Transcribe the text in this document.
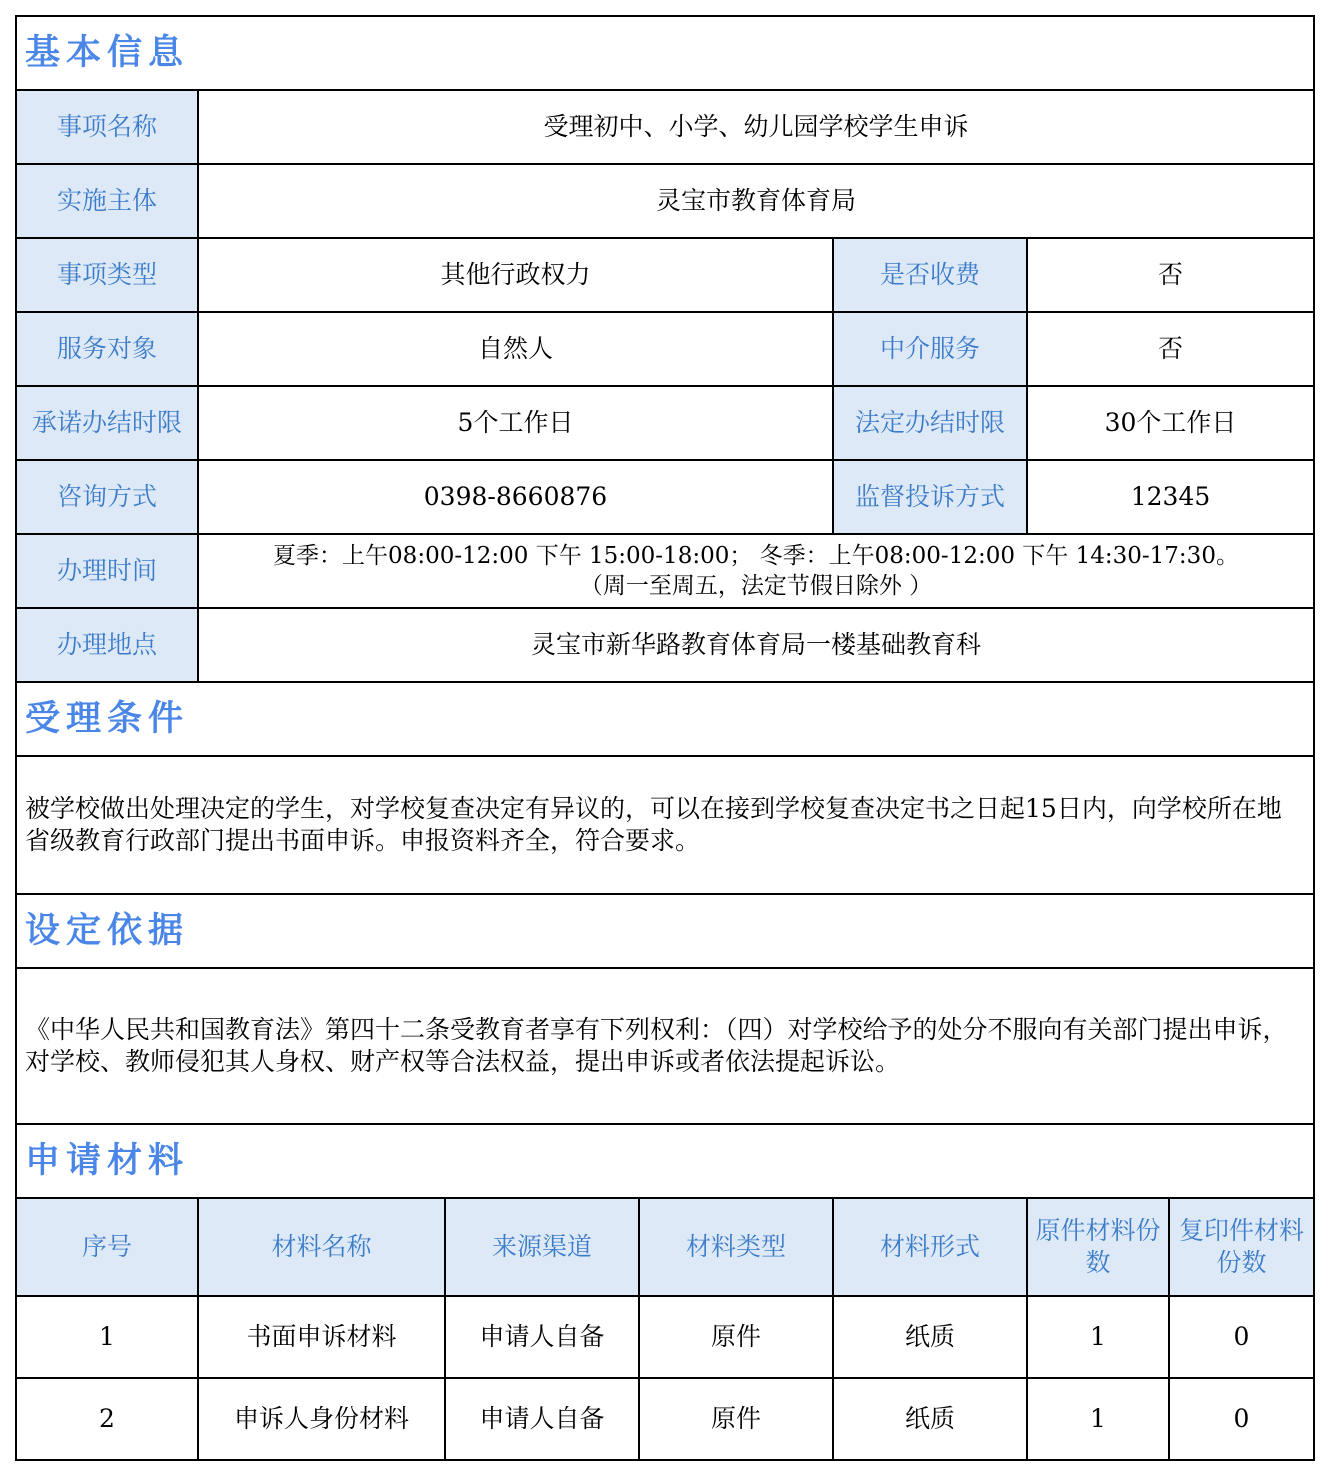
基本信息						
事项名称	受理初中、小学、幼儿园学校学生申诉					
实施主体	灵宝市教育体育局					
事项类型	其他行政权力			是否收费	否	
服务对象	自然人			中介服务	否	
承诺办结时限	5个工作日			法定办结时限	30个工作日	
咨询方式	0398-8660876			监督投诉方式	12345	
办理时间	夏季：上午08:00-12:00 下午 15:00-18:00； 冬季：上午08:00-12:00 下午 14:30-17:30。
（周一至周五，法定节假日除外 ）					

办理地点	灵宝市新华路教育体育局一楼基础教育科					
受理条件						
被学校做出处理决定的学生，对学校复查决定有异议的，可以在接到学校复查决定书之日起15日内，向学校所在地省级教育行政部门提出书面申诉。申报资料齐全，符合要求。						
设定依据						
《中华人民共和国教育法》第四十二条受教育者享有下列权利：（四）对学校给予的处分不服向有关部门提出申诉，对学校、教师侵犯其人身权、财产权等合法权益，提出申诉或者依法提起诉讼。						
申请材料						
序号	材料名称	来源渠道	材料类型	材料形式	原件材料份数	复印件材料份数
1	书面申诉材料	申请人自备	原件	纸质	1	0
2	申诉人身份材料	申请人自备	原件	纸质	1	0
